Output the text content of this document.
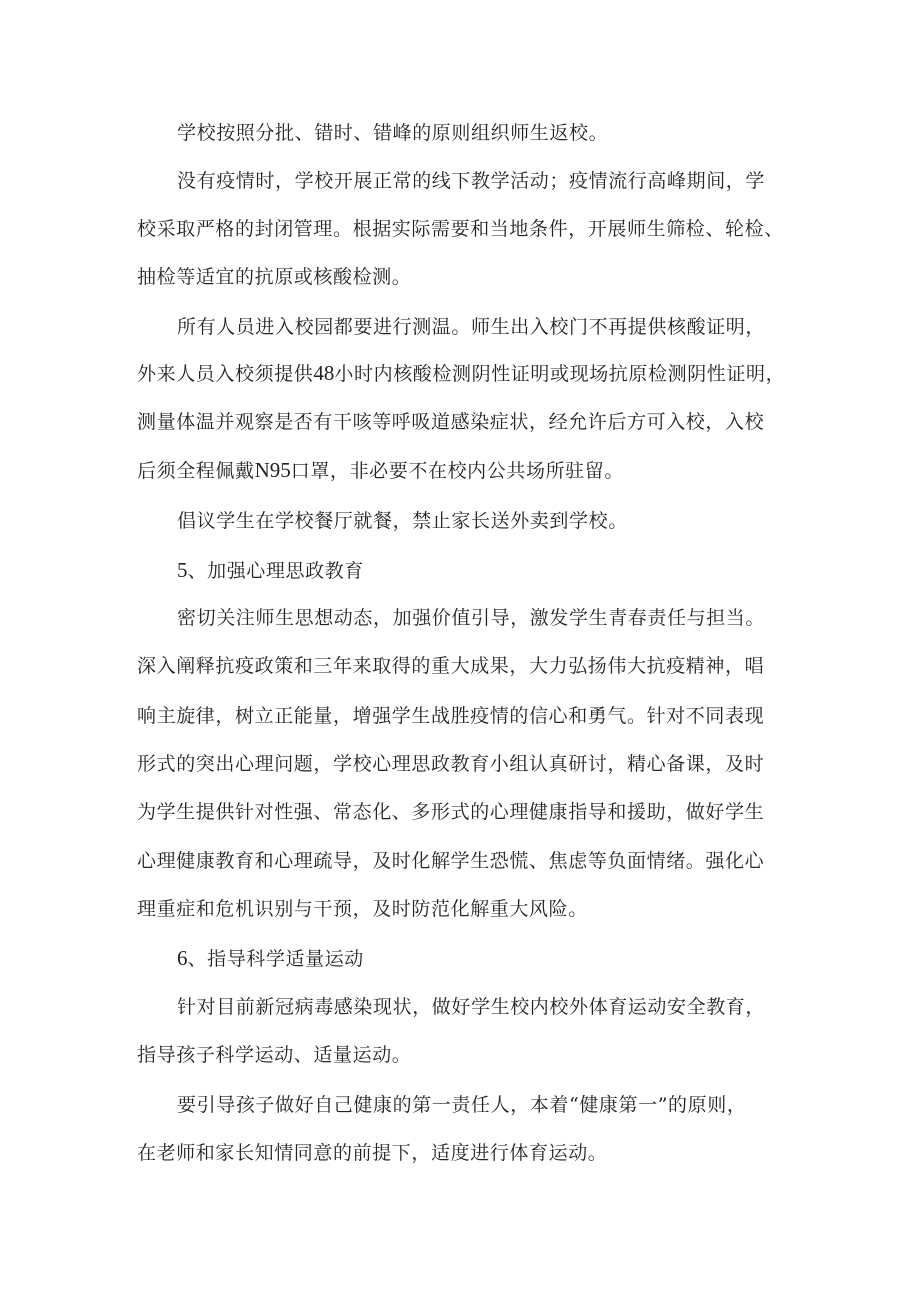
学校按照分批、错时、错峰的原则组织师生返校。
没有疫情时，学校开展正常的线下教学活动；疫情流行高峰期间，学
校采取严格的封闭管理。根据实际需要和当地条件，开展师生筛检、轮检、
抽检等适宜的抗原或核酸检测。
所有人员进入校园都要进行测温。师生出入校门不再提供核酸证明，
外来人员入校须提供48小时内核酸检测阴性证明或现场抗原检测阴性证明，
测量体温并观察是否有干咳等呼吸道感染症状，经允许后方可入校，入校
后须全程佩戴N95口罩，非必要不在校内公共场所驻留。
倡议学生在学校餐厅就餐，禁止家长送外卖到学校。
5、加强心理思政教育
密切关注师生思想动态，加强价值引导，激发学生青春责任与担当。
深入阐释抗疫政策和三年来取得的重大成果，大力弘扬伟大抗疫精神，唱
响主旋律，树立正能量，增强学生战胜疫情的信心和勇气。针对不同表现
形式的突出心理问题，学校心理思政教育小组认真研讨，精心备课，及时
为学生提供针对性强、常态化、多形式的心理健康指导和援助，做好学生
心理健康教育和心理疏导，及时化解学生恐慌、焦虑等负面情绪。强化心
理重症和危机识别与干预，及时防范化解重大风险。
6、指导科学适量运动
针对目前新冠病毒感染现状，做好学生校内校外体育运动安全教育，
指导孩子科学运动、适量运动。
要引导孩子做好自己健康的第一责任人，本着“健康第一”的原则，
在老师和家长知情同意的前提下，适度进行体育运动。
